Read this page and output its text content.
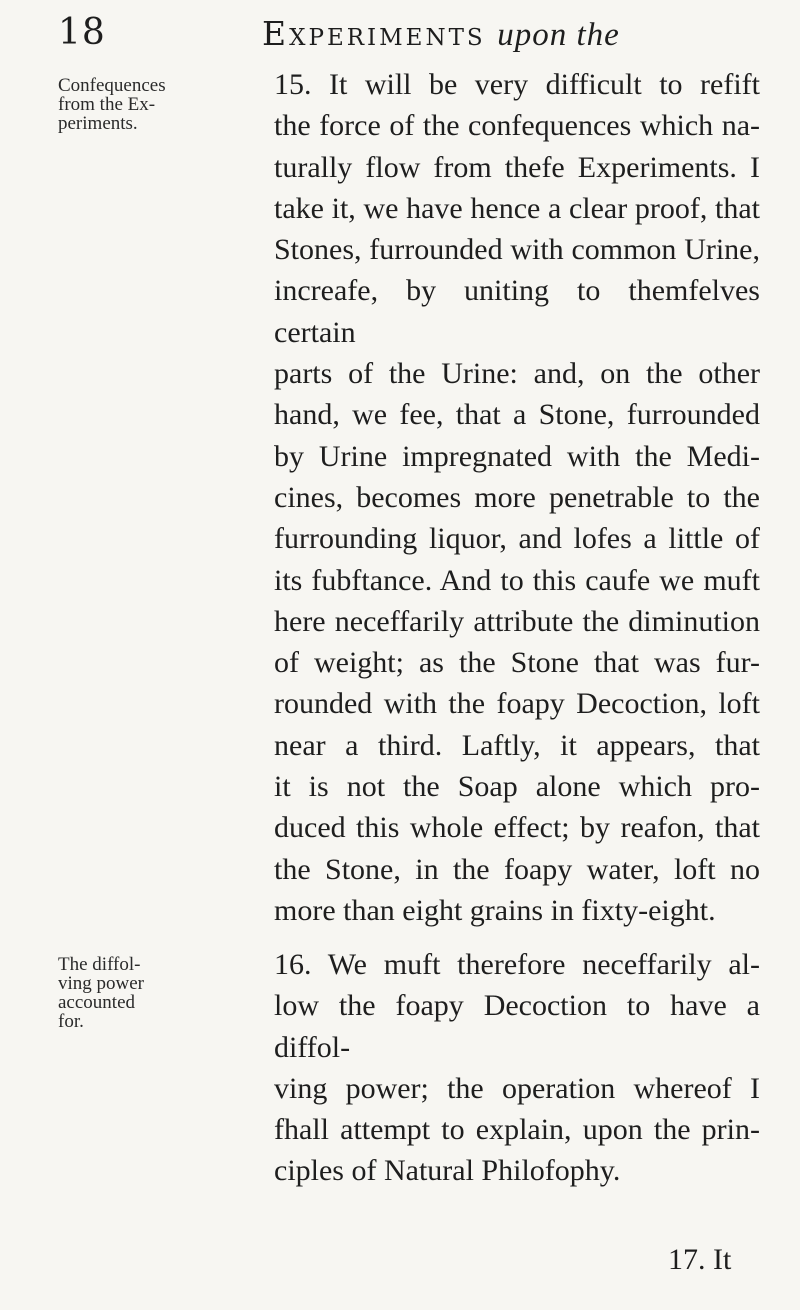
18	Experiments upon the
Confequences
from the Ex-
periments.
15. It will be very difficult to refift
the force of the confequences which na-
turally flow from thefe Experiments. I
take it, we have hence a clear proof, that
Stones, furrounded with common Urine,
increafe, by uniting to themfelves certain
parts of the Urine: and, on the other
hand, we fee, that a Stone, furrounded
by Urine impregnated with the Medi-
cines, becomes more penetrable to the
furrounding liquor, and lofes a little of
its fubftance. And to this caufe we muft
here neceffarily attribute the diminution
of weight; as the Stone that was fur-
rounded with the foapy Decoction, loft
near a third. Laftly, it appears, that
it is not the Soap alone which pro-
duced this whole effect; by reafon, that
the Stone, in the foapy water, loft no
more than eight grains in fixty-eight.
The diffol-
ving power
accounted
for.
16. We muft therefore neceffarily al-
low the foapy Decoction to have a diffol-
ving power; the operation whereof I
fhall attempt to explain, upon the prin-
ciples of Natural Philofophy.
17. It
